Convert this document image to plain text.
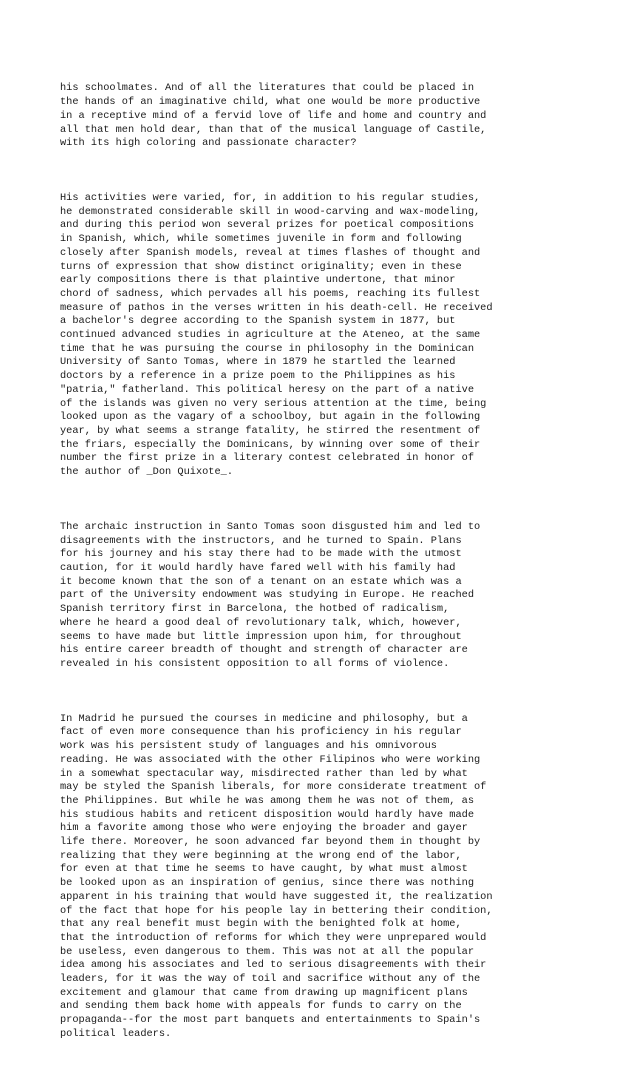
his schoolmates. And of all the literatures that could be placed in
the hands of an imaginative child, what one would be more productive
in a receptive mind of a fervid love of life and home and country and
all that men hold dear, than that of the musical language of Castile,
with its high coloring and passionate character?

His activities were varied, for, in addition to his regular studies,
he demonstrated considerable skill in wood-carving and wax-modeling,
and during this period won several prizes for poetical compositions
in Spanish, which, while sometimes juvenile in form and following
closely after Spanish models, reveal at times flashes of thought and
turns of expression that show distinct originality; even in these
early compositions there is that plaintive undertone, that minor
chord of sadness, which pervades all his poems, reaching its fullest
measure of pathos in the verses written in his death-cell. He received
a bachelor's degree according to the Spanish system in 1877, but
continued advanced studies in agriculture at the Ateneo, at the same
time that he was pursuing the course in philosophy in the Dominican
University of Santo Tomas, where in 1879 he startled the learned
doctors by a reference in a prize poem to the Philippines as his
"patria," fatherland. This political heresy on the part of a native
of the islands was given no very serious attention at the time, being
looked upon as the vagary of a schoolboy, but again in the following
year, by what seems a strange fatality, he stirred the resentment of
the friars, especially the Dominicans, by winning over some of their
number the first prize in a literary contest celebrated in honor of
the author of _Don Quixote_.

The archaic instruction in Santo Tomas soon disgusted him and led to
disagreements with the instructors, and he turned to Spain. Plans
for his journey and his stay there had to be made with the utmost
caution, for it would hardly have fared well with his family had
it become known that the son of a tenant on an estate which was a
part of the University endowment was studying in Europe. He reached
Spanish territory first in Barcelona, the hotbed of radicalism,
where he heard a good deal of revolutionary talk, which, however,
seems to have made but little impression upon him, for throughout
his entire career breadth of thought and strength of character are
revealed in his consistent opposition to all forms of violence.

In Madrid he pursued the courses in medicine and philosophy, but a
fact of even more consequence than his proficiency in his regular
work was his persistent study of languages and his omnivorous
reading. He was associated with the other Filipinos who were working
in a somewhat spectacular way, misdirected rather than led by what
may be styled the Spanish liberals, for more considerate treatment of
the Philippines. But while he was among them he was not of them, as
his studious habits and reticent disposition would hardly have made
him a favorite among those who were enjoying the broader and gayer
life there. Moreover, he soon advanced far beyond them in thought by
realizing that they were beginning at the wrong end of the labor,
for even at that time he seems to have caught, by what must almost
be looked upon as an inspiration of genius, since there was nothing
apparent in his training that would have suggested it, the realization
of the fact that hope for his people lay in bettering their condition,
that any real benefit must begin with the benighted folk at home,
that the introduction of reforms for which they were unprepared would
be useless, even dangerous to them. This was not at all the popular
idea among his associates and led to serious disagreements with their
leaders, for it was the way of toil and sacrifice without any of the
excitement and glamour that came from drawing up magnificent plans
and sending them back home with appeals for funds to carry on the
propaganda--for the most part banquets and entertainments to Spain's
political leaders.
